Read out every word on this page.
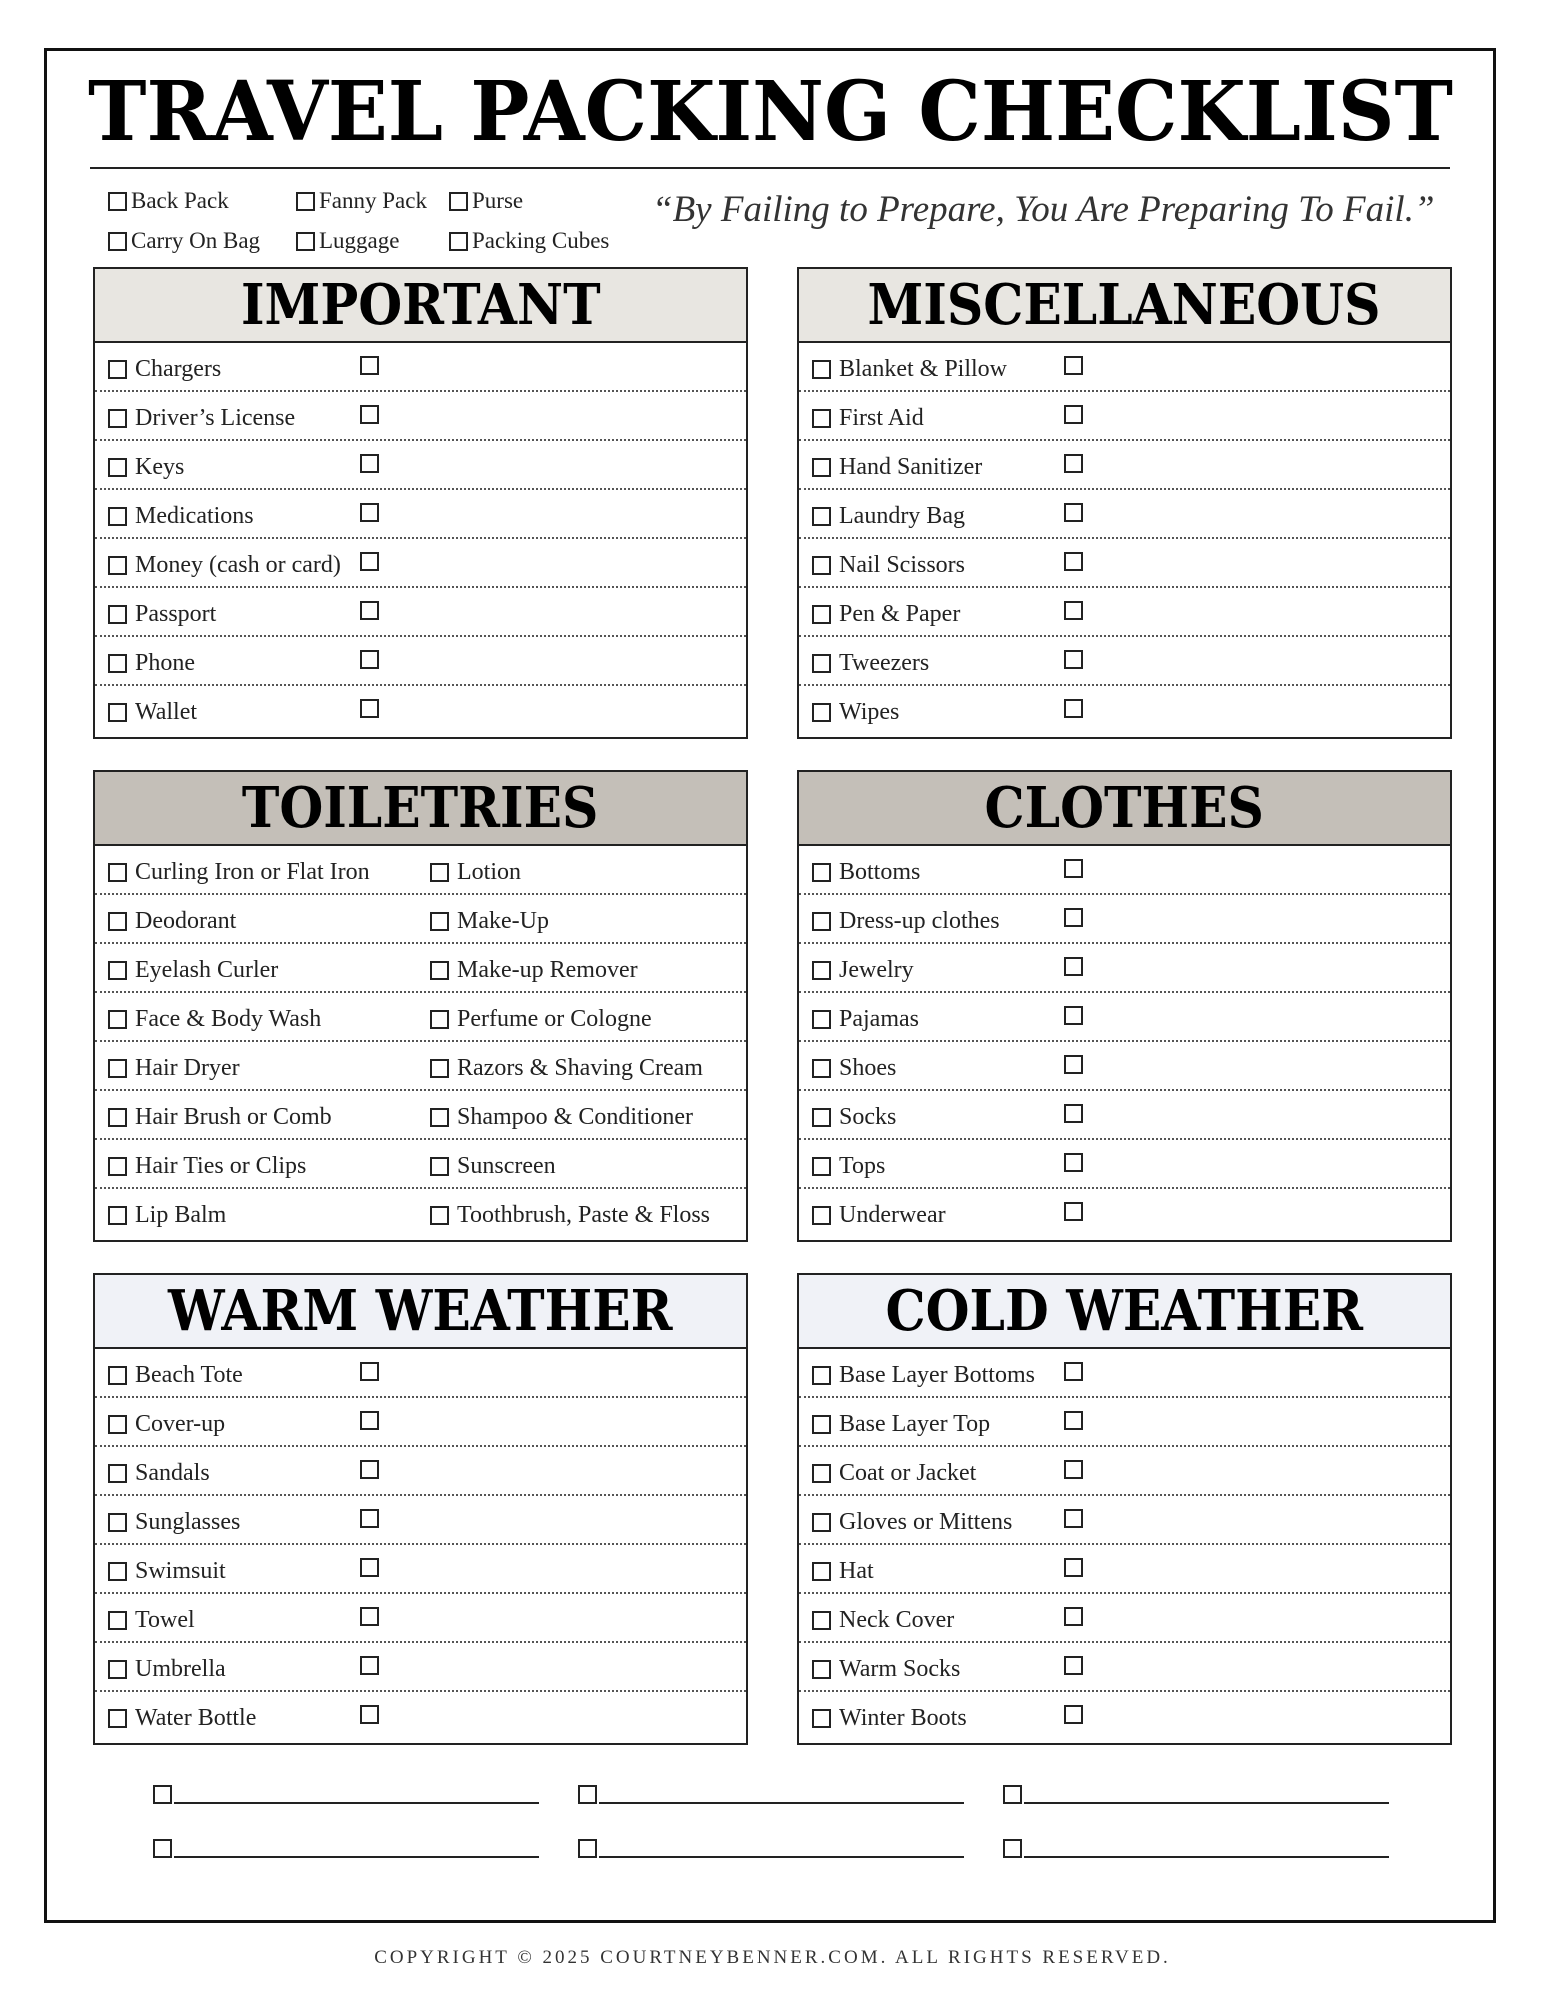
TRAVEL PACKING CHECKLIST
Back Pack	Fanny Pack Purse
Carry On Bag	Luggage	Packing Cubes
“By Failing to Prepare, You Are Preparing To Fail.”
IMPORTANT
Chargers
Driver’s License
Keys
Medications
Money (cash or card)
Passport
Phone
Wallet
MISCELLANEOUS
Blanket & Pillow
First Aid
Hand Sanitizer
Laundry Bag
Nail Scissors
Pen & Paper
Tweezers
Wipes
TOILETRIES
Curling Iron or Flat Iron	Lotion
Deodorant	Make-Up
Eyelash Curler	Make-up Remover
Face & Body Wash	Perfume or Cologne
Hair Dryer	Razors & Shaving Cream
Hair Brush or Comb	Shampoo & Conditioner
Hair Ties or Clips	Sunscreen
Lip Balm	Toothbrush, Paste & Floss
CLOTHES
Bottoms
Dress-up clothes
Jewelry
Pajamas
Shoes
Socks
Tops
Underwear
WARM WEATHER
Beach Tote
Cover-up
Sandals
Sunglasses
Swimsuit
Towel
Umbrella
Water Bottle
COLD WEATHER
Base Layer Bottoms
Base Layer Top
Coat or Jacket
Gloves or Mittens
Hat
Neck Cover
Warm Socks
Winter Boots
COPYRIGHT © 2025 COURTNEYBENNER.COM. ALL RIGHTS RESERVED.
